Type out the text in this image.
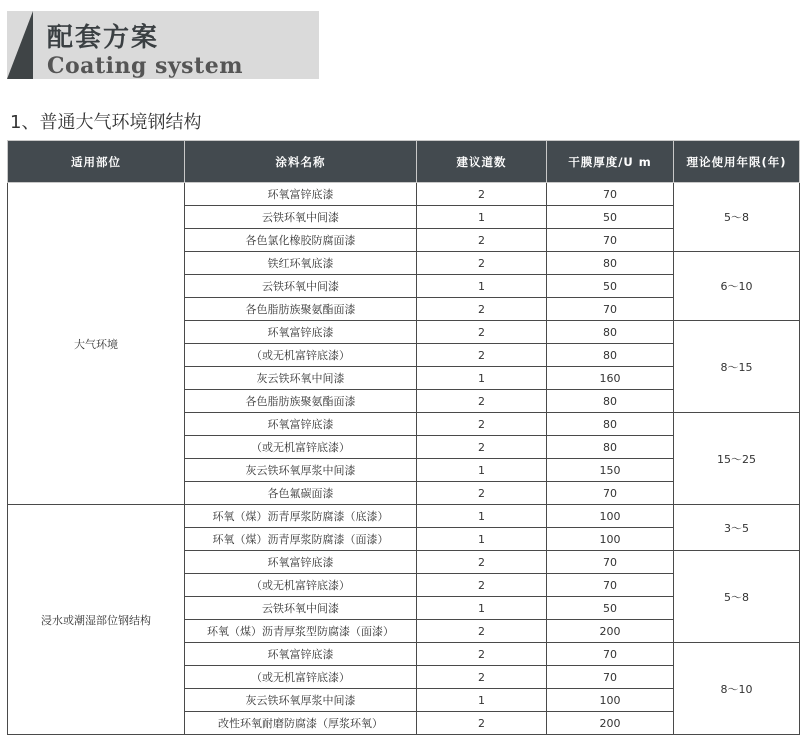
配套方案
Coating system
1、普通大气环境钢结构
适用部位	涂料名称	建议道数	干膜厚度/U m	理论使用年限(年)
大气环境	环氧富锌底漆	2	70	5～8
	云铁环氧中间漆	1	50	
	各色氯化橡胶防腐面漆	2	70	
	铁红环氧底漆	2	80	6～10
	云铁环氧中间漆	1	50	
	各色脂肪族聚氨酯面漆	2	70	
	环氧富锌底漆	2	80	8～15
	（或无机富锌底漆）	2	80	
	灰云铁环氧中间漆	1	160	
	各色脂肪族聚氨酯面漆	2	80	
	环氧富锌底漆	2	80	15～25
	（或无机富锌底漆）	2	80	
	灰云铁环氧厚浆中间漆	1	150	
	各色氟碳面漆	2	70	
浸水或潮湿部位钢结构	环氧（煤）沥青厚浆防腐漆（底漆）	1	100	3～5
	环氧（煤）沥青厚浆防腐漆（面漆）	1	100	
	环氧富锌底漆	2	70	5～8
	（或无机富锌底漆）	2	70	
	云铁环氧中间漆	1	50	
	环氧（煤）沥青厚浆型防腐漆（面漆）	2	200	
	环氧富锌底漆	2	70	8～10
	（或无机富锌底漆）	2	70	
	灰云铁环氧厚浆中间漆	1	100	
	改性环氧耐磨防腐漆（厚浆环氧）	2	200	
